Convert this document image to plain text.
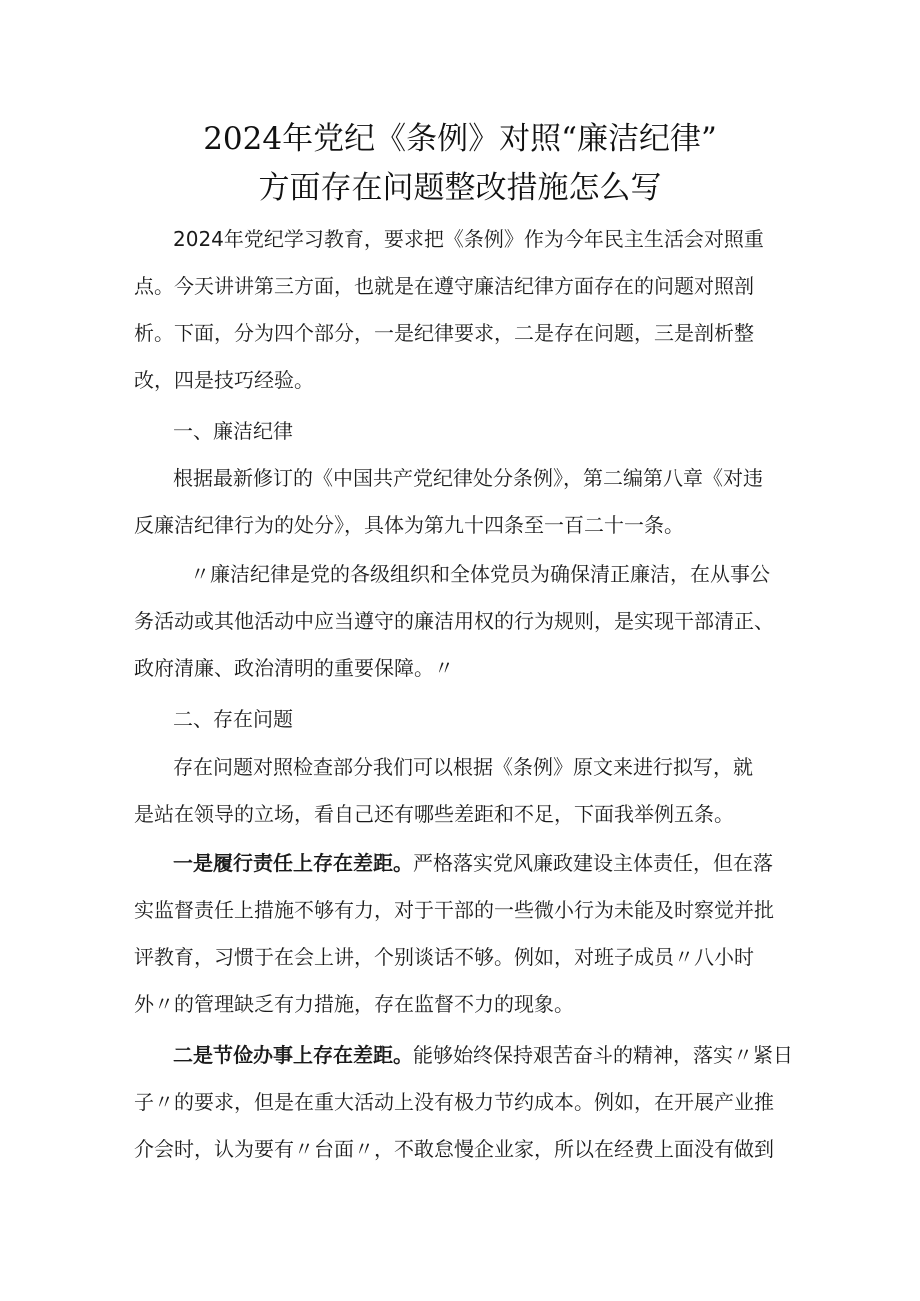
2024年党纪《条例》对照“廉洁纪律”
方面存在问题整改措施怎么写
2024年党纪学习教育，要求把《条例》作为今年民主生活会对照重
点。今天讲讲第三方面，也就是在遵守廉洁纪律方面存在的问题对照剖
析。下面，分为四个部分，一是纪律要求，二是存在问题，三是剖析整
改，四是技巧经验。
一、廉洁纪律
根据最新修订的《中国共产党纪律处分条例》，第二编第八章《对违
反廉洁纪律行为的处分》，具体为第九十四条至一百二十一条。
〃廉洁纪律是党的各级组织和全体党员为确保清正廉洁，在从事公
务活动或其他活动中应当遵守的廉洁用权的行为规则，是实现干部清正、
政府清廉、政治清明的重要保障。〃
二、存在问题
存在问题对照检查部分我们可以根据《条例》原文来进行拟写，就
是站在领导的立场，看自己还有哪些差距和不足，下面我举例五条。
一是履行责任上存在差距。严格落实党风廉政建设主体责任，但在落
实监督责任上措施不够有力，对于干部的一些微小行为未能及时察觉并批
评教育，习惯于在会上讲，个别谈话不够。例如，对班子成员〃八小时
外〃的管理缺乏有力措施，存在监督不力的现象。
二是节俭办事上存在差距。能够始终保持艰苦奋斗的精神，落实〃紧日
子〃的要求，但是在重大活动上没有极力节约成本。例如，在开展产业推
介会时，认为要有〃台面〃，不敢怠慢企业家，所以在经费上面没有做到
